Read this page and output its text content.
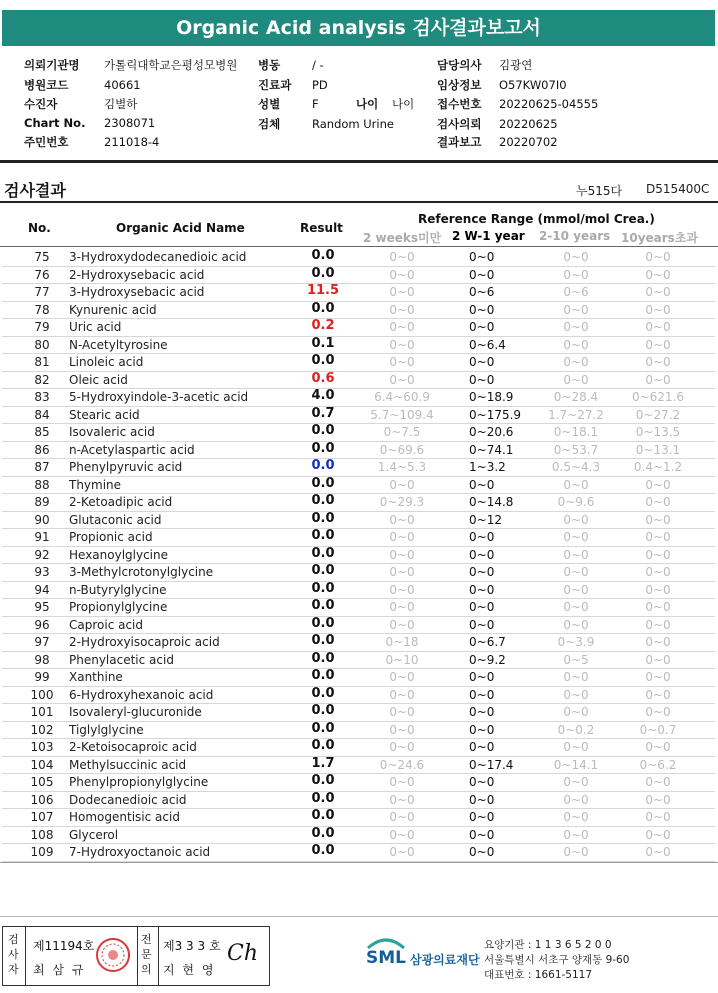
Organic Acid analysis 검사결과보고서
의뢰기관명 가톨릭대학교은평성모병원
병원코드	40661
수진자	김별하
Chart No. 2308071
주민번호	211018-4
병동	/ -
진료과 PD
성별	F	나이 나이
검체	Random Urine
담당의사 김광연
임상정보 O57KW07I0
접수번호 20220625-04555
검사의뢰 20220625
결과보고 20220702
검사결과	누515다 D515400C
No.	Organic Acid Name	Result
Reference Range (mmol/mol Crea.)
2 weeks미만 2 W-1 year 2-10 years 10years초과
75	3-Hydroxydodecanedioic acid	0.0	0~0	0~0	0~0	0~0
76	2-Hydroxysebacic acid	0.0	0~0	0~0	0~0	0~0
77	3-Hydroxysebacic acid	11.5	0~0	0~6	0~6	0~0
78	Kynurenic acid	0.0	0~0	0~0	0~0	0~0
79	Uric acid	0.2	0~0	0~0	0~0	0~0
80	N-Acetyltyrosine	0.1	0~0	0~6.4	0~0	0~0
81	Linoleic acid	0.0	0~0	0~0	0~0	0~0
82	Oleic acid	0.6	0~0	0~0	0~0	0~0
83	5-Hydroxyindole-3-acetic acid	4.0	6.4~60.9	0~18.9	0~28.4	0~621.6
84	Stearic acid	0.7	5.7~109.4	0~175.9	1.7~27.2	0~27.2
85	Isovaleric acid	0.0	0~7.5	0~20.6	0~18.1	0~13.5
86	n-Acetylaspartic acid	0.0	0~69.6	0~74.1	0~53.7	0~13.1
87	Phenylpyruvic acid	0.0	1.4~5.3	1~3.2	0.5~4.3	0.4~1.2
88	Thymine	0.0	0~0	0~0	0~0	0~0
89	2-Ketoadipic acid	0.0	0~29.3	0~14.8	0~9.6	0~0
90	Glutaconic acid	0.0	0~0	0~12	0~0	0~0
91	Propionic acid	0.0	0~0	0~0	0~0	0~0
92	Hexanoylglycine	0.0	0~0	0~0	0~0	0~0
93	3-Methylcrotonylglycine	0.0	0~0	0~0	0~0	0~0
94	n-Butyrylglycine	0.0	0~0	0~0	0~0	0~0
95	Propionylglycine	0.0	0~0	0~0	0~0	0~0
96	Caproic acid	0.0	0~0	0~0	0~0	0~0
97	2-Hydroxyisocaproic acid	0.0	0~18	0~6.7	0~3.9	0~0
98	Phenylacetic acid	0.0	0~10	0~9.2	0~5	0~0
99	Xanthine	0.0	0~0	0~0	0~0	0~0
100	6-Hydroxyhexanoic acid	0.0	0~0	0~0	0~0	0~0
101	Isovaleryl-glucuronide	0.0	0~0	0~0	0~0	0~0
102	Tiglylglycine	0.0	0~0	0~0	0~0.2	0~0.7
103	2-Ketoisocaproic acid	0.0	0~0	0~0	0~0	0~0
104	Methylsuccinic acid	1.7	0~24.6	0~17.4	0~14.1	0~6.2
105	Phenylpropionylglycine	0.0	0~0	0~0	0~0	0~0
106	Dodecanedioic acid	0.0	0~0	0~0	0~0	0~0
107	Homogentisic acid	0.0	0~0	0~0	0~0	0~0
108	Glycerol	0.0	0~0	0~0	0~0	0~0
109	7-Hydroxyoctanoic acid	0.0	0~0	0~0	0~0	0~0
검사자
제11194호
최 삼 규
전문의
제3 3 3 호
지 현 영
Ch	SML 삼광의료재단
요양기관 : 1 1 3 6 5 2 0 0
서울특별시 서초구 양재동 9-60
대표번호 : 1661-5117
